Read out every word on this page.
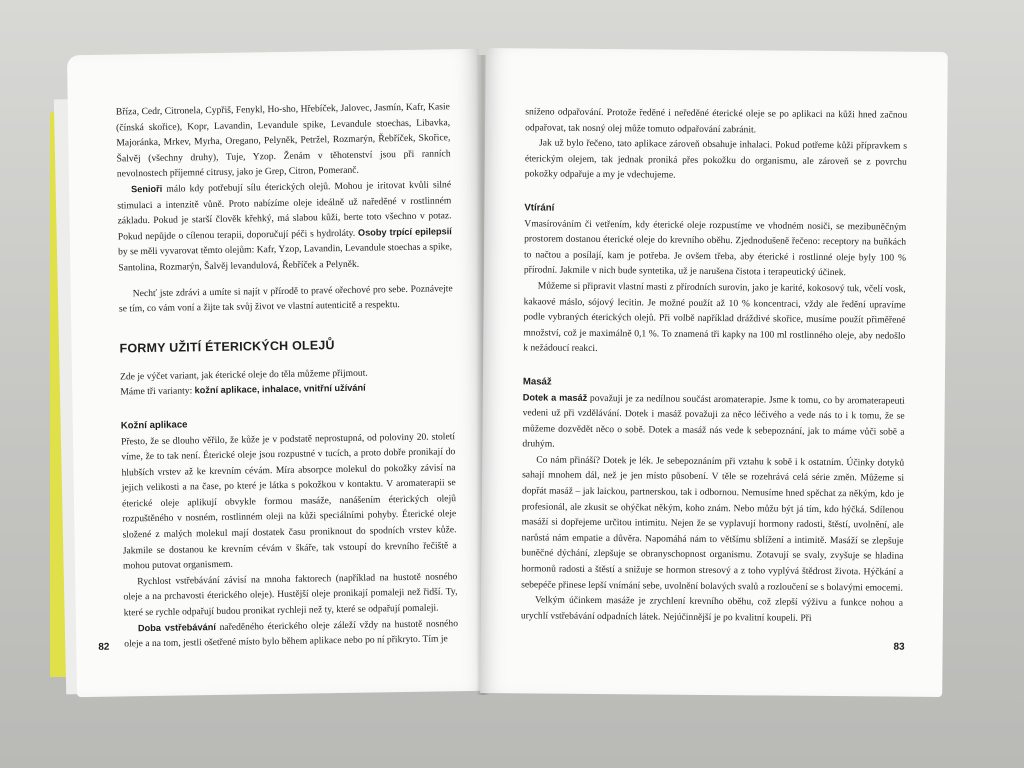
Bříza, Cedr, Citronela, Cypřiš, Fenykl, Ho-sho, Hřebíček, Jalovec, Jasmín, Kafr, Kasie (čínská skořice), Kopr, Lavandin, Levandule spike, Levandule stoechas, Libavka, Majoránka, Mrkev, Myrha, Oregano, Pelyněk, Petržel, Rozmarýn, Řebříček, Skořice, Šalvěj (všechny druhy), Tuje, Yzop. Ženám v těhotenství jsou při ranních nevolnostech příjemné citrusy, jako je Grep, Citron, Pomeranč.

Senioři málo kdy potřebují sílu éterických olejů. Mohou je iritovat kvůli silné stimulaci a intenzitě vůně. Proto nabízíme oleje ideálně už naředěné v rostlinném základu. Pokud je starší člověk křehký, má slabou kůži, berte toto všechno v potaz. Pokud nepůjde o cílenou terapii, doporučují péči s hydroláty. Osoby trpící epilepsií by se měli vyvarovat těmto olejům: Kafr, Yzop, Lavandin, Levandule stoechas a spike, Santolina, Rozmarýn, Šalvěj levandulová, Řebříček a Pelyněk.

Nechť jste zdrávi a umíte si najít v přírodě to pravé ořechové pro sebe. Poznávejte se tím, co vám voní a žijte tak svůj život ve vlastní autenticitě a respektu.

FORMY UŽITÍ ÉTERICKÝCH OLEJŮ

Zde je výčet variant, jak éterické oleje do těla můžeme přijmout.

Máme tři varianty: kožní aplikace, inhalace, vnitřní užívání

Kožní aplikace

Přesto, že se dlouho věřilo, že kůže je v podstatě neprostupná, od poloviny 20. století víme, že to tak není. Éterické oleje jsou rozpustné v tucích, a proto dobře pronikají do hlubších vrstev až ke krevním cévám. Míra absorpce molekul do pokožky závisí na jejich velikosti a na čase, po které je látka s pokožkou v kontaktu. V aromaterapii se éterické oleje aplikují obvykle formou masáže, nanášením éterických olejů rozpuštěného v nosném, rostlinném oleji na kůži speciálními pohyby. Éterické oleje složené z malých molekul mají dostatek času proniknout do spodních vrstev kůže. Jakmile se dostanou ke krevním cévám v škáře, tak vstoupí do krevního řečiště a mohou putovat organismem.

Rychlost vstřebávání závisí na mnoha faktorech (například na hustotě nosného oleje a na prchavosti éterického oleje). Hustější oleje pronikají pomaleji než řidší. Ty, které se rychle odpařují budou pronikat rychleji než ty, které se odpařují pomaleji.

Doba vstřebávání naředěného éterického oleje záleží vždy na hustotě nosného oleje a na tom, jestli ošetřené místo bylo během aplikace nebo po ní přikryto. Tím je

82

sníženo odpařování. Protože ředěné i neředěné éterické oleje se po aplikaci na kůži hned začnou odpařovat, tak nosný olej může tomuto odpařování zabránit.

Jak už bylo řečeno, tato aplikace zároveň obsahuje inhalaci. Pokud potřeme kůži přípravkem s éterickým olejem, tak jednak proniká přes pokožku do organismu, ale zároveň se z povrchu pokožky odpařuje a my je vdechujeme.

Vtírání

Vmasírováním či vetřením, kdy éterické oleje rozpustíme ve vhodném nosiči, se mezibuněčným prostorem dostanou éterické oleje do krevního oběhu. Zjednodušeně řečeno: receptory na buňkách to načtou a posílají, kam je potřeba. Je ovšem třeba, aby éterické i rostlinné oleje byly 100 % přírodní. Jakmile v nich bude syntetika, už je narušena čistota i terapeutický účinek.

Můžeme si připravit vlastní masti z přírodních surovin, jako je karité, kokosový tuk, včelí vosk, kakaové máslo, sójový lecitin. Je možné použít až 10 % koncentraci, vždy ale ředění upravíme podle vybraných éterických olejů. Při volbě například dráždivé skořice, musíme použít přiměřené množství, což je maximálně 0,1 %. To znamená tři kapky na 100 ml rostlinného oleje, aby nedošlo k nežádoucí reakci.

Masáž

Dotek a masáž považuji je za nedílnou součást aromaterapie. Jsme k tomu, co by aromaterapeuti vedeni už při vzdělávání. Dotek i masáž považuji za něco léčivého a vede nás to i k tomu, že se můžeme dozvědět něco o sobě. Dotek a masáž nás vede k sebepoznání, jak to máme vůči sobě a druhým.

Co nám přináší? Dotek je lék. Je sebepoznáním při vztahu k sobě i k ostatním. Účinky dotyků sahají mnohem dál, než je jen místo působení. V těle se rozehrává celá série změn. Můžeme si dopřát masáž – jak laickou, partnerskou, tak i odbornou. Nemusíme hned spěchat za někým, kdo je profesionál, ale zkusit se ohýčkat někým, koho znám. Nebo můžu být já tím, kdo hýčká. Sdílenou masáží si dopřejeme určitou intimitu. Nejen že se vyplavují hormony radosti, štěstí, uvolnění, ale narůstá nám empatie a důvěra. Napomáhá nám to většímu sblížení a intimitě. Masáží se zlepšuje buněčné dýchání, zlepšuje se obranyschopnost organismu. Zotavují se svaly, zvyšuje se hladina hormonů radosti a štěstí a snižuje se hormon stresový a z toho vyplývá štědrost života. Hýčkání a sebepéče přinese lepší vnímání sebe, uvolnění bolavých svalů a rozloučení se s bolavými emocemi.

Velkým účinkem masáže je zrychlení krevního oběhu, což zlepší výživu a funkce nohou a urychlí vstřebávání odpadních látek. Nejúčinnější je po kvalitní koupeli. Při

83
